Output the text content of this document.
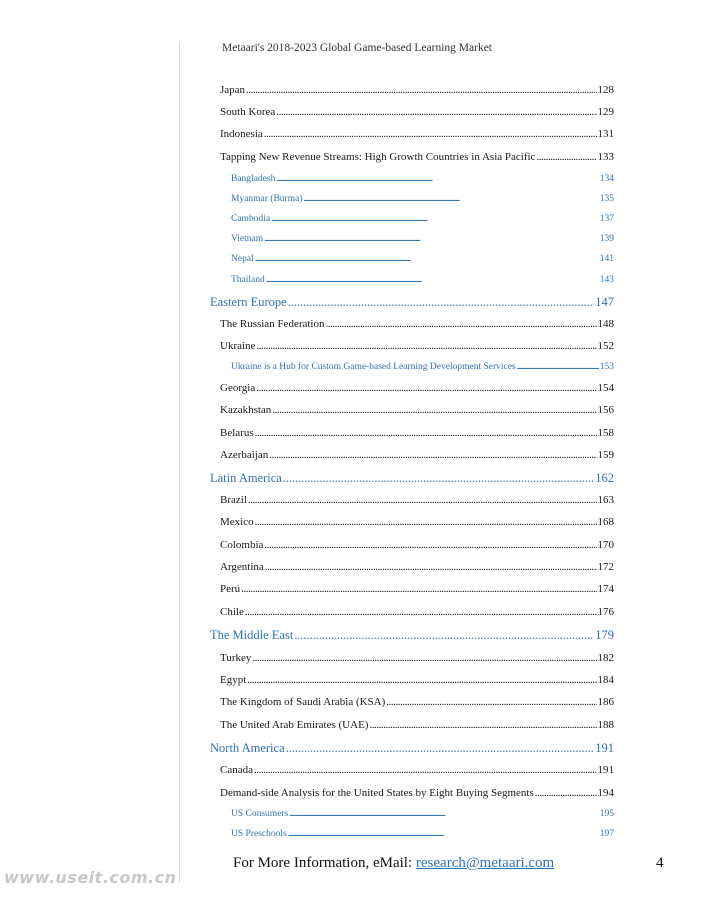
Metaari's 2018-2023 Global Game-based Learning Market
Japan . . .	128
South Korea . . .	129
Indonesia . . .	131
Tapping New Revenue Streams: High Growth Countries in Asia Pacific . . .	133
Bangladesh . . .	134
Myanmar (Burma) . . .	135
Cambodia . . .	137
Vietnam . . .	139
Nepal . . .	141
Thailand . . .	143
Eastern Europe . . .	147
The Russian Federation . . .	148
Ukraine . . .	152
Ukraine is a Hub for Custom Game-based Learning Development Services . . .	153
Georgia . . .	154
Kazakhstan . . .	156
Belarus . . .	158
Azerbaijan . . .	159
Latin America . . .	162
Brazil . . .	163
Mexico . . .	168
Colombia . . .	170
Argentina . . .	172
Perú . . .	174
Chile . . .	176
The Middle East . . .	179
Turkey . . .	182
Egypt . . .	184
The Kingdom of Saudi Arabia (KSA) . . .	186
The United Arab Emirates (UAE) . . .	188
North America . . .	191
Canada . . .	191
Demand-side Analysis for the United States by Eight Buying Segments . . .	194
US Consumers . . .	195
US Preschools . . .	197
For More Information, eMail: research@metaari.com	4
www.useit.com.cn
